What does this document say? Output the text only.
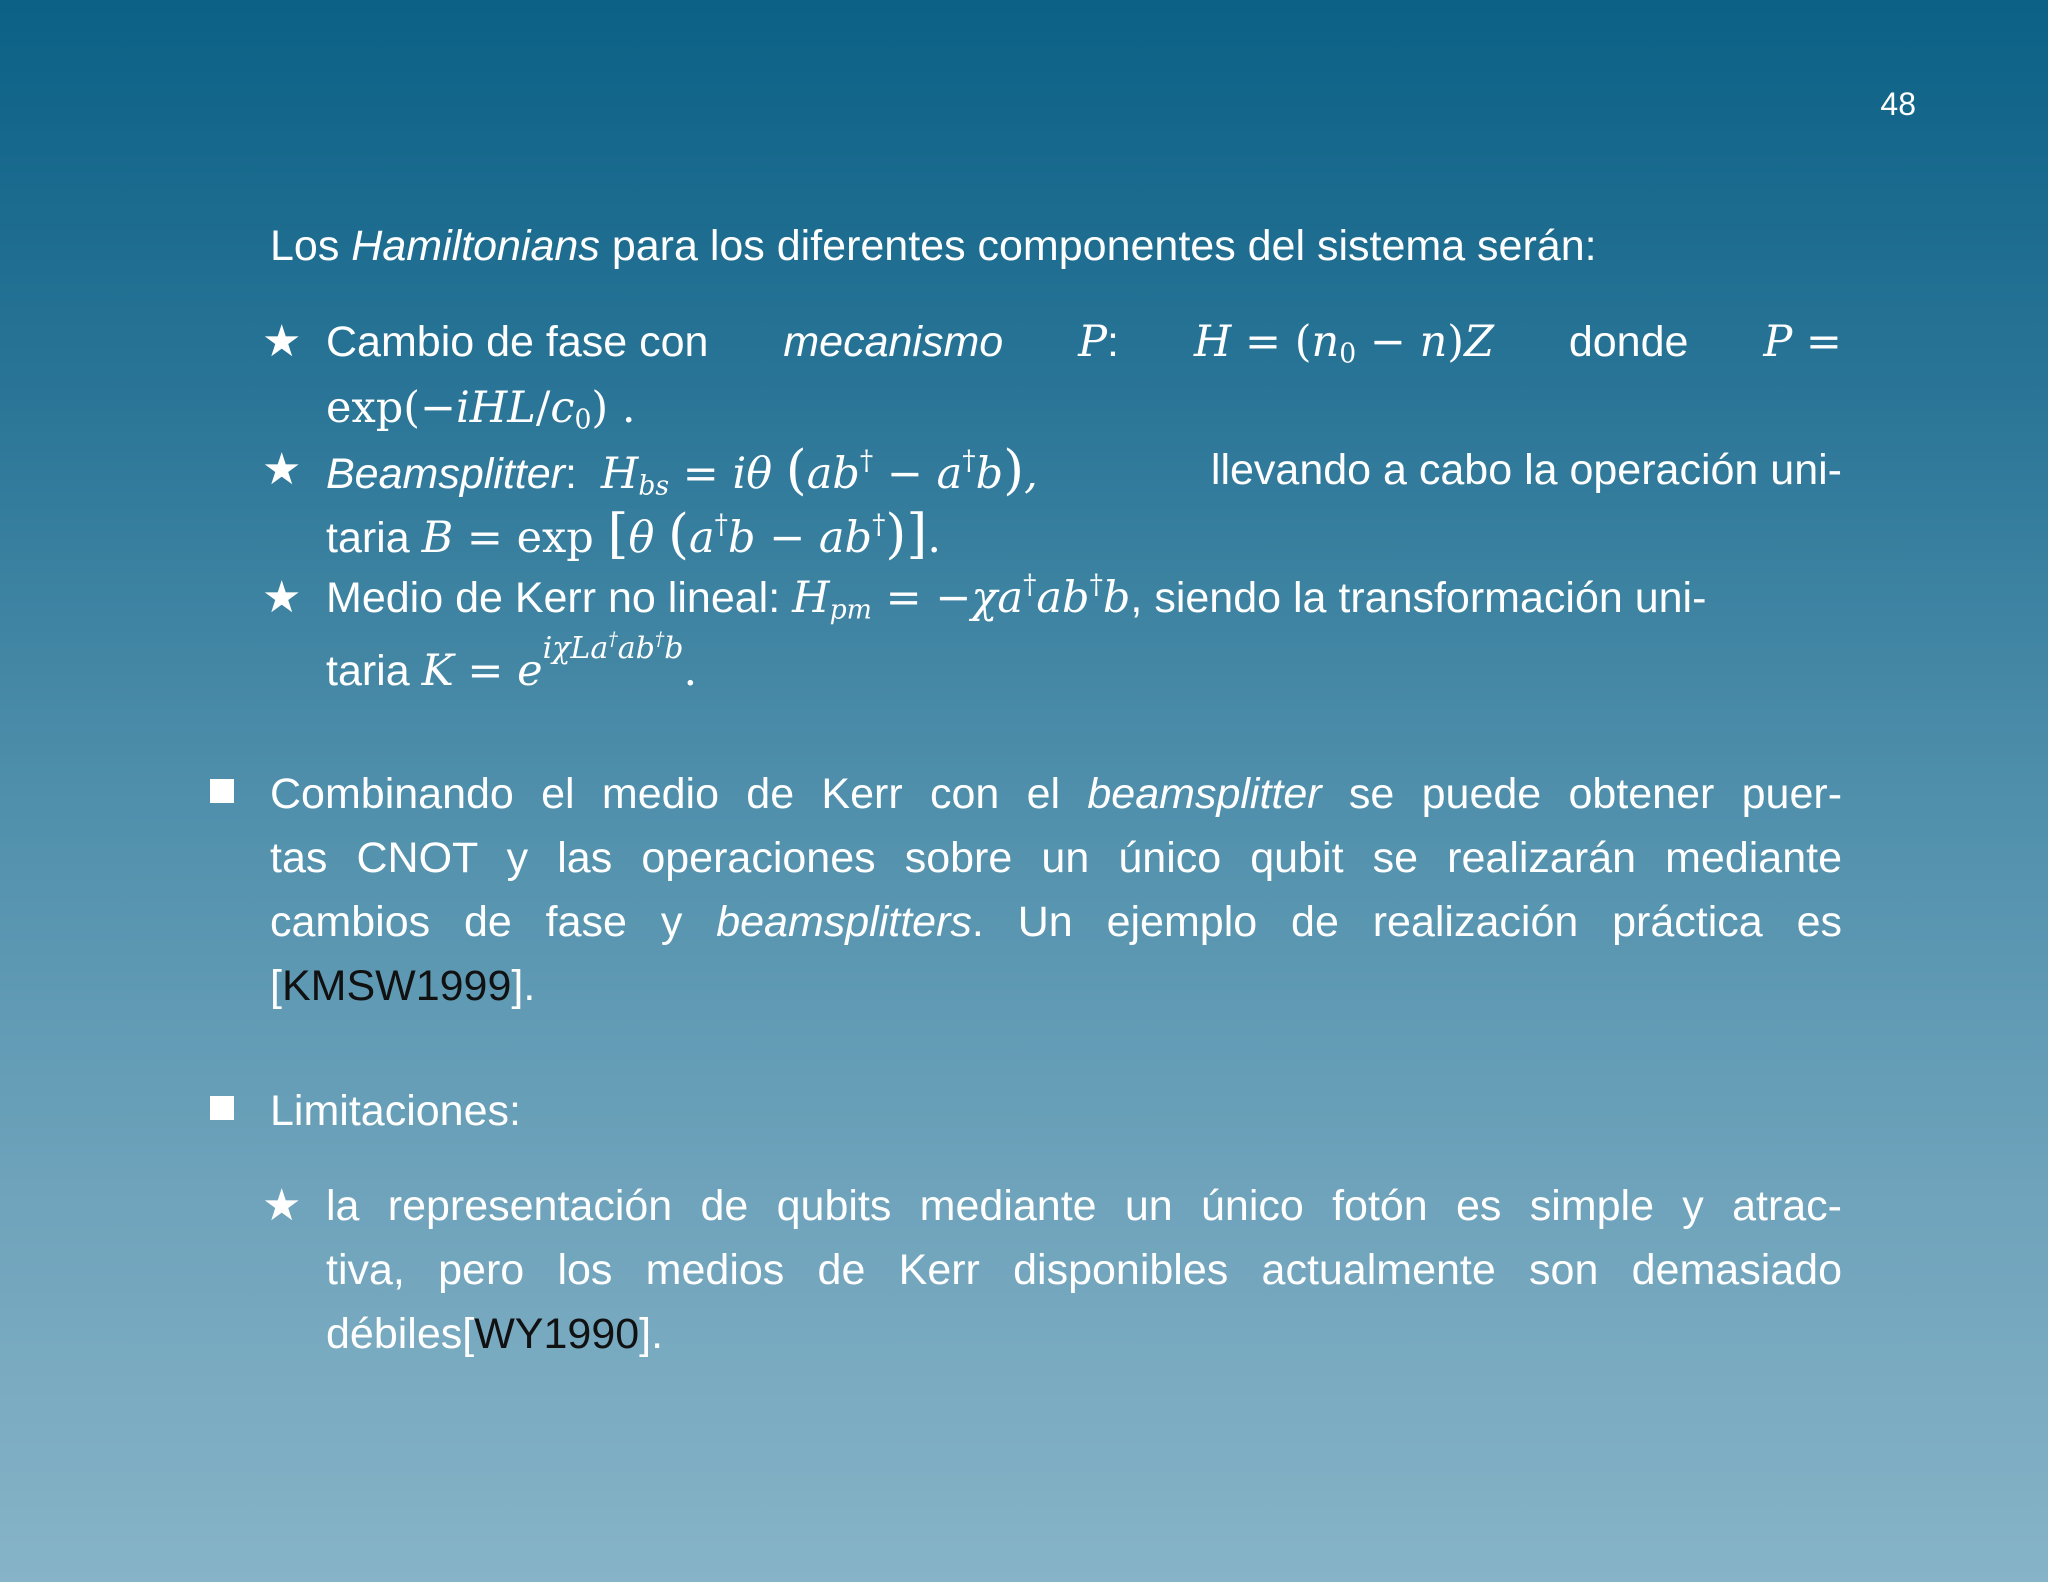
48
Los Hamiltonians para los diferentes componentes del sistema serán:
★ Cambio de fase con mecanismo P: $H = (n_0 - n)Z$ donde P =
$\exp(-iHL/c_0)$ .
★ Beamsplitter:  $H_{bs} = i\theta$ (ab† − a†b),	llevando a cabo la operación uni-
taria B = exp [θ (a†b − ab†)].
★ Medio de Kerr no lineal: $H_{pm} = -\chi a^\dagger ab^\dagger b$, siendo la transformación uni-
taria $K = e^{i\chi La^\dagger ab^\dagger b}$.
Combinando el medio de Kerr con el beamsplitter se puede obtener puer-
tas CNOT y las operaciones sobre un único qubit se realizarán mediante
cambios de fase y beamsplitters. Un ejemplo de realización práctica es
[KMSW1999].
Limitaciones:
★ la representación de qubits mediante un único fotón es simple y atrac-
tiva, pero los medios de Kerr disponibles actualmente son demasiado
débiles[WY1990].
